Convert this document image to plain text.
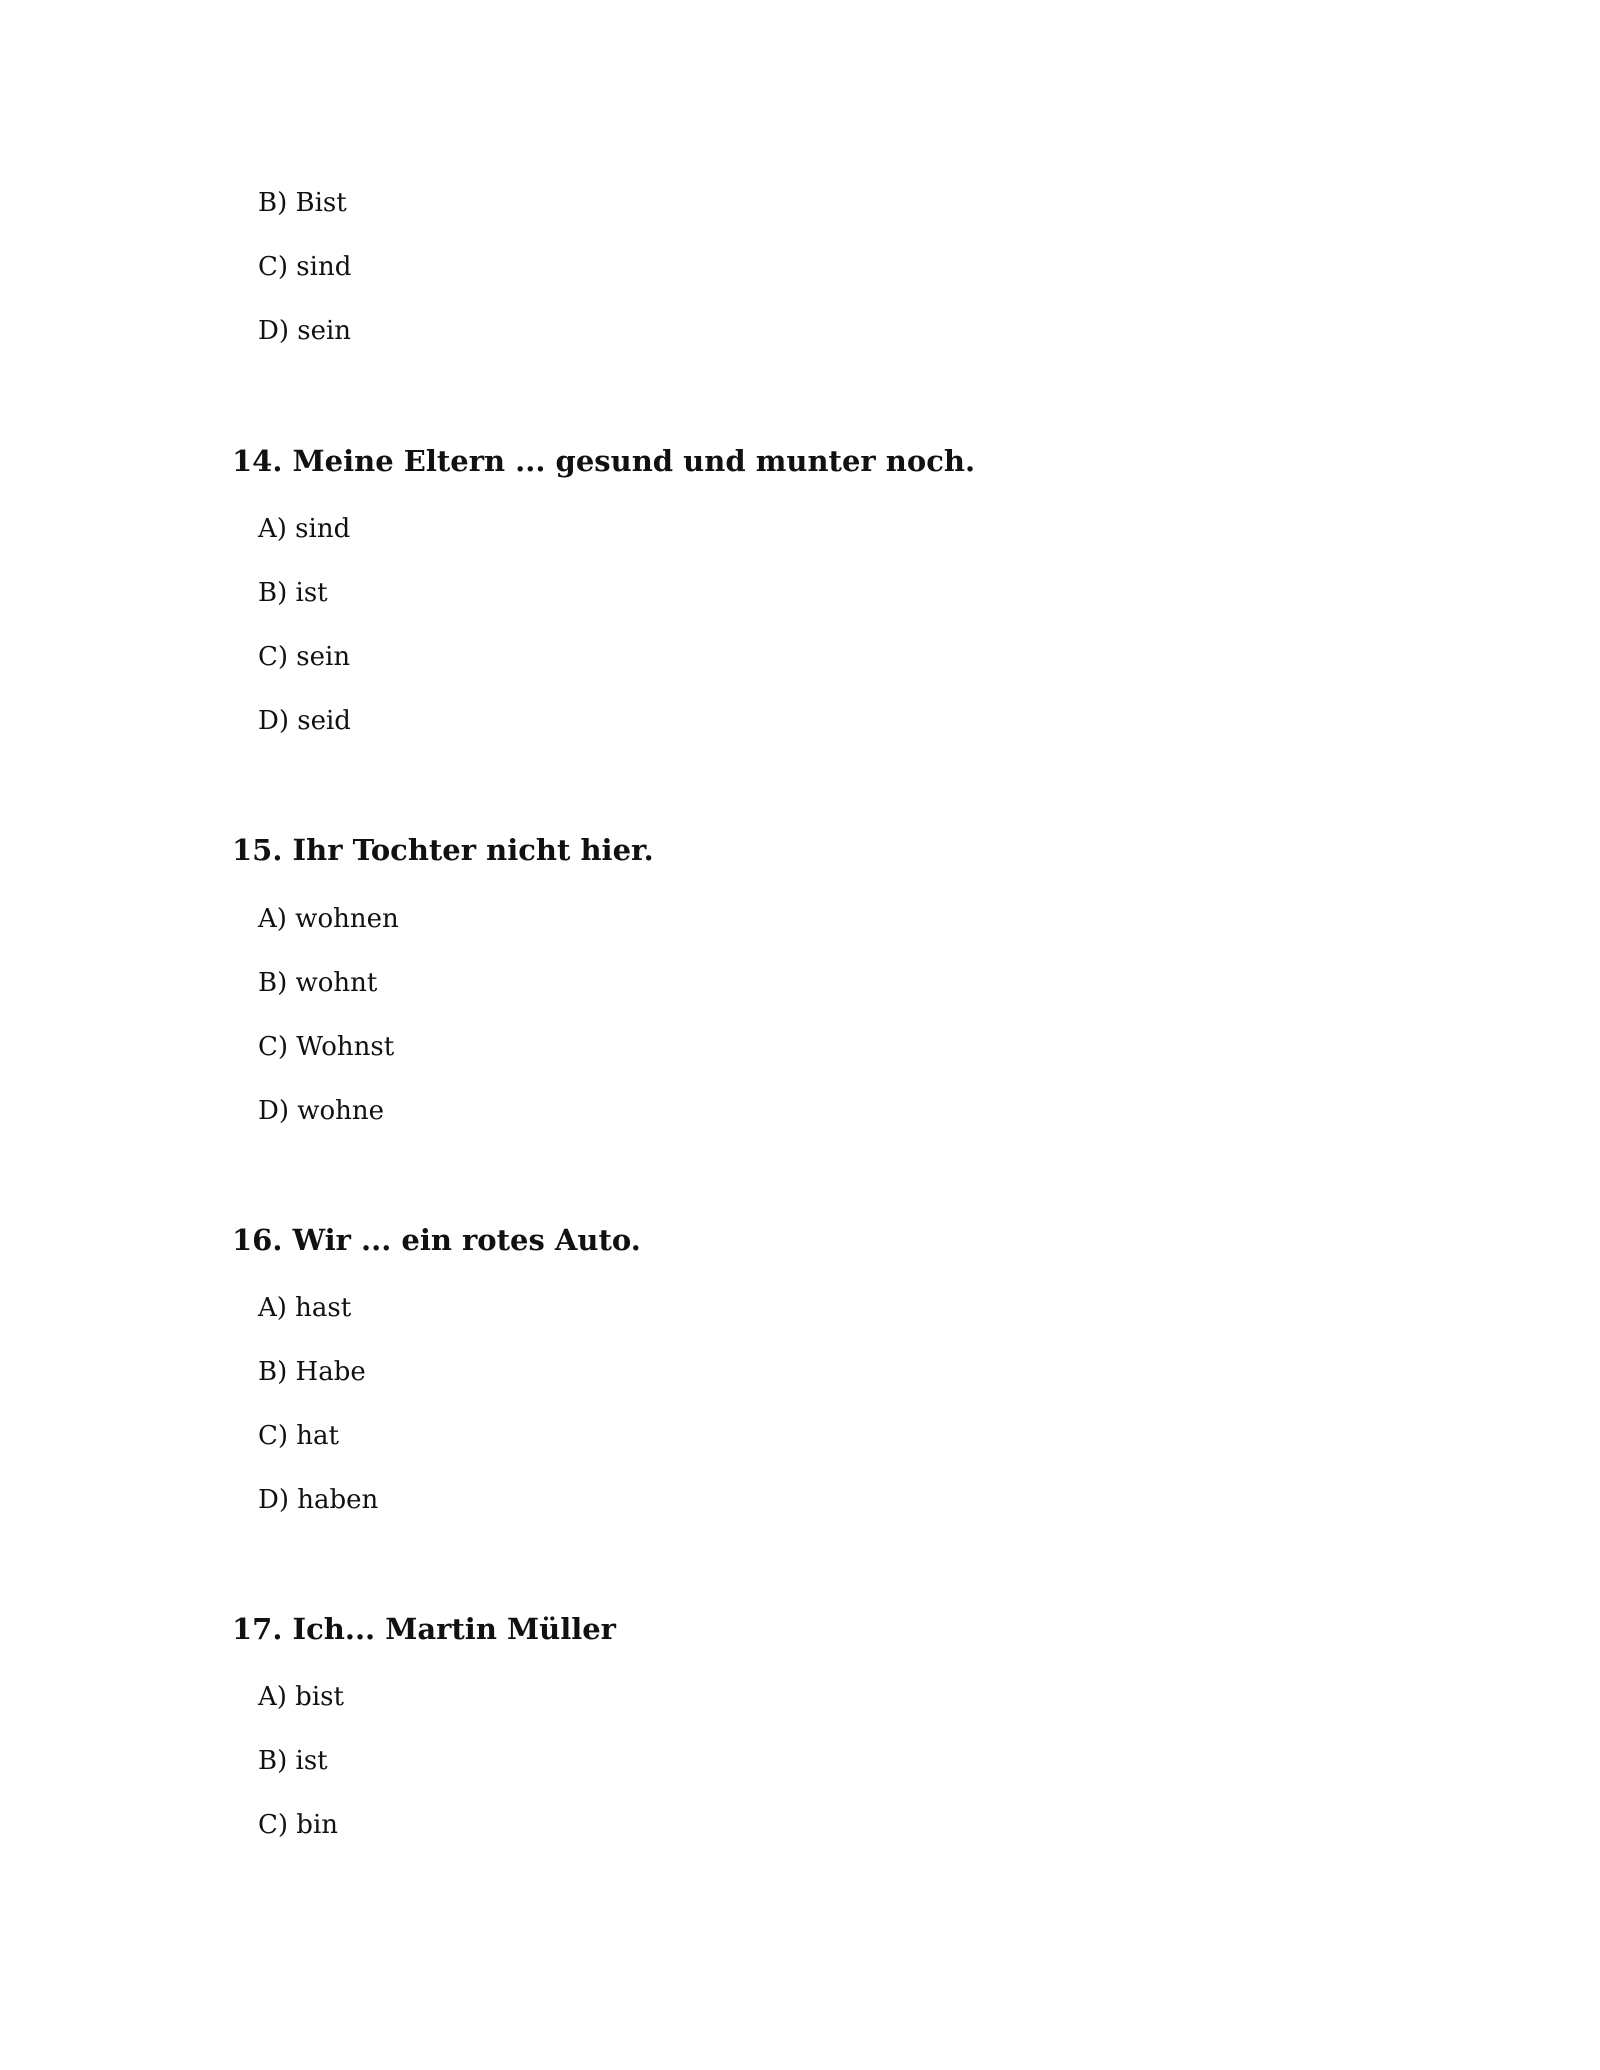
B) Bist
C) sind
D) sein
14. Meine Eltern ... gesund und munter noch.
A) sind
B) ist
C) sein
D) seid
15. Ihr Tochter nicht hier.
A) wohnen
B) wohnt
C) Wohnst
D) wohne
16. Wir ... ein rotes Auto.
A) hast
B) Habe
C) hat
D) haben
17. Ich... Martin Müller
A) bist
B) ist
C) bin
